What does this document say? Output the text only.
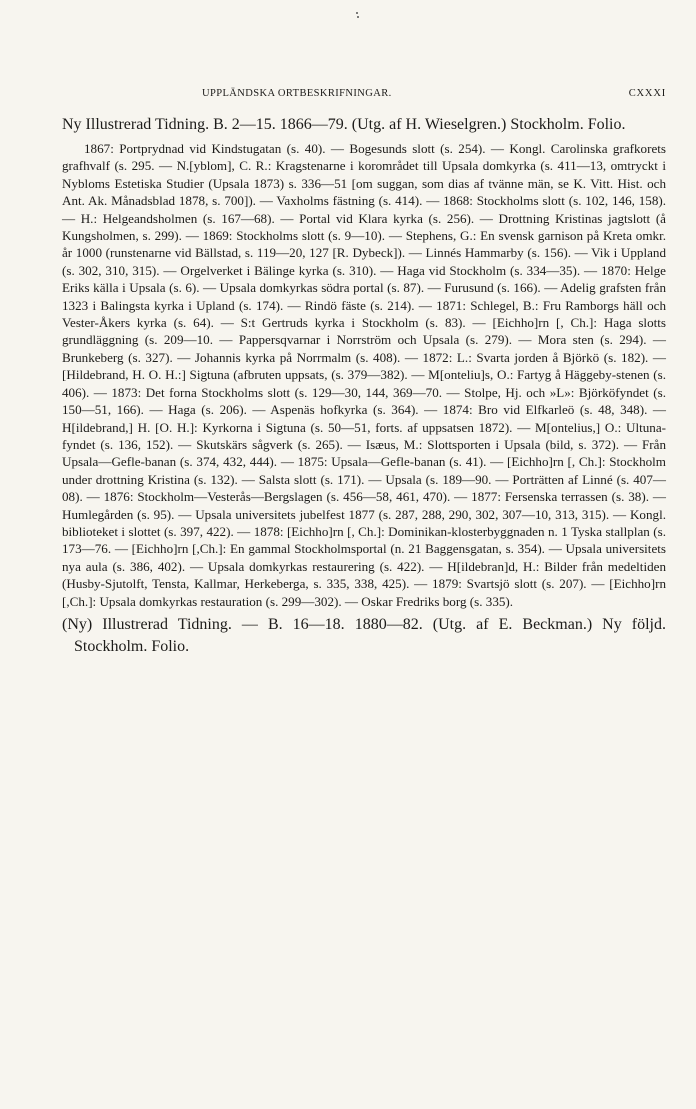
UPPLÄNDSKA ORTBESKRIFNINGAR.	CXXXI

Ny Illustrerad Tidning. B. 2—15. 1866—79. (Utg. af H. Wieselgren.) Stockholm. Folio.

1867: Portprydnad vid Kindstugatan (s. 40). — Bogesunds slott (s. 254). — Kongl. Carolinska grafkorets grafhvalf (s. 295. — N.[yblom], C. R.: Kragstenarne i korområdet till Upsala domkyrka (s. 411—13, omtryckt i Nybloms Estetiska Studier (Upsala 1873) s. 336—51 [om suggan, som dias af tvänne män, se K. Vitt. Hist. och Ant. Ak. Månadsblad 1878, s. 700]). — Vaxholms fästning (s. 414). — 1868: Stockholms slott (s. 102, 146, 158). — H.: Helgeandsholmen (s. 167—68). — Portal vid Klara kyrka (s. 256). — Drottning Kristinas jagtslott (å Kungsholmen, s. 299). — 1869: Stockholms slott (s. 9—10). — Stephens, G.: En svensk garnison på Kreta omkr. år 1000 (runstenarne vid Bällstad, s. 119—20, 127 [R. Dybeck]). — Linnés Hammarby (s. 156). — Vik i Uppland (s. 302, 310, 315). — Orgelverket i Bälinge kyrka (s. 310). — Haga vid Stockholm (s. 334—35). — 1870: Helge Eriks källa i Upsala (s. 6). — Upsala domkyrkas södra portal (s. 87). — Furusund (s. 166). — Adelig grafsten från 1323 i Balingsta kyrka i Upland (s. 174). — Rindö fäste (s. 214). — 1871: Schlegel, B.: Fru Ramborgs häll och Vester-Åkers kyrka (s. 64). — S:t Gertruds kyrka i Stockholm (s. 83). — [Eichho]rn [, Ch.]: Haga slotts grundläggning (s. 209—10. — Pappersqvarnar i Norrström och Upsala (s. 279). — Mora sten (s. 294). — Brunkeberg (s. 327). — Johannis kyrka på Norrmalm (s. 408). — 1872: L.: Svarta jorden å Björkö (s. 182). — [Hildebrand, H. O. H.:] Sigtuna (afbruten uppsats, (s. 379—382). — M[onteliu]s, O.: Fartyg å Häggeby-stenen (s. 406). — 1873: Det forna Stockholms slott (s. 129—30, 144, 369—70. — Stolpe, Hj. och »L»: Björköfyndet (s. 150—51, 166). — Haga (s. 206). — Aspenäs hofkyrka (s. 364). — 1874: Bro vid Elfkarleö (s. 48, 348). — H[ildebrand,] H. [O. H.]: Kyrkorna i Sigtuna (s. 50—51, forts. af uppsatsen 1872). — M[ontelius,] O.: Ultuna-fyndet (s. 136, 152). — Skutskärs sågverk (s. 265). — Isæus, M.: Slottsporten i Upsala (bild, s. 372). — Från Upsala—Gefle-banan (s. 374, 432, 444). — 1875: Upsala—Gefle-banan (s. 41). — [Eichho]rn [, Ch.]: Stockholm under drottning Kristina (s. 132). — Salsta slott (s. 171). — Upsala (s. 189—90. — Porträtten af Linné (s. 407—08). — 1876: Stockholm—Vesterås—Bergslagen (s. 456—58, 461, 470). — 1877: Fersenska terrassen (s. 38). — Humlegården (s. 95). — Upsala universitets jubelfest 1877 (s. 287, 288, 290, 302, 307—10, 313, 315). — Kongl. biblioteket i slottet (s. 397, 422). — 1878: [Eichho]rn [, Ch.]: Dominikan-klosterbyggnaden n. 1 Tyska stallplan (s. 173—76. — [Eichho]rn [,Ch.]: En gammal Stockholmsportal (n. 21 Baggensgatan, s. 354). — Upsala universitets nya aula (s. 386, 402). — Upsala domkyrkas restaurering (s. 422). — H[ildebran]d, H.: Bilder från medeltiden (Husby-Sjutolft, Tensta, Kallmar, Herkeberga, s. 335, 338, 425). — 1879: Svartsjö slott (s. 207). — [Eichho]rn [,Ch.]: Upsala domkyrkas restauration (s. 299—302). — Oskar Fredriks borg (s. 335).

(Ny) Illustrerad Tidning. — B. 16—18. 1880—82. (Utg. af E. Beckman.) Ny följd. Stockholm. Folio.
